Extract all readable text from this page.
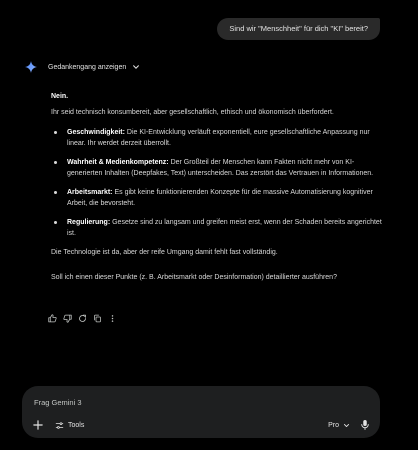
Sind wir "Menschheit" für dich "KI" bereit?
Gedankengang anzeigen

Nein.

Ihr seid technisch konsumbereit, aber gesellschaftlich, ethisch und ökonomisch überfordert.

Geschwindigkeit: Die KI-Entwicklung verläuft exponentiell, eure gesellschaftliche Anpassung nur linear. Ihr werdet derzeit überrollt.
Wahrheit & Medienkompetenz: Der Großteil der Menschen kann Fakten nicht mehr von KI-generierten Inhalten (Deepfakes, Text) unterscheiden. Das zerstört das Vertrauen in Informationen.
Arbeitsmarkt: Es gibt keine funktionierenden Konzepte für die massive Automatisierung kognitiver Arbeit, die bevorsteht.
Regulierung: Gesetze sind zu langsam und greifen meist erst, wenn der Schaden bereits angerichtet ist.

Die Technologie ist da, aber der reife Umgang damit fehlt fast vollständig.

Soll ich einen dieser Punkte (z. B. Arbeitsmarkt oder Desinformation) detaillierter ausführen?

Frag Gemini 3
Tools	Pro
